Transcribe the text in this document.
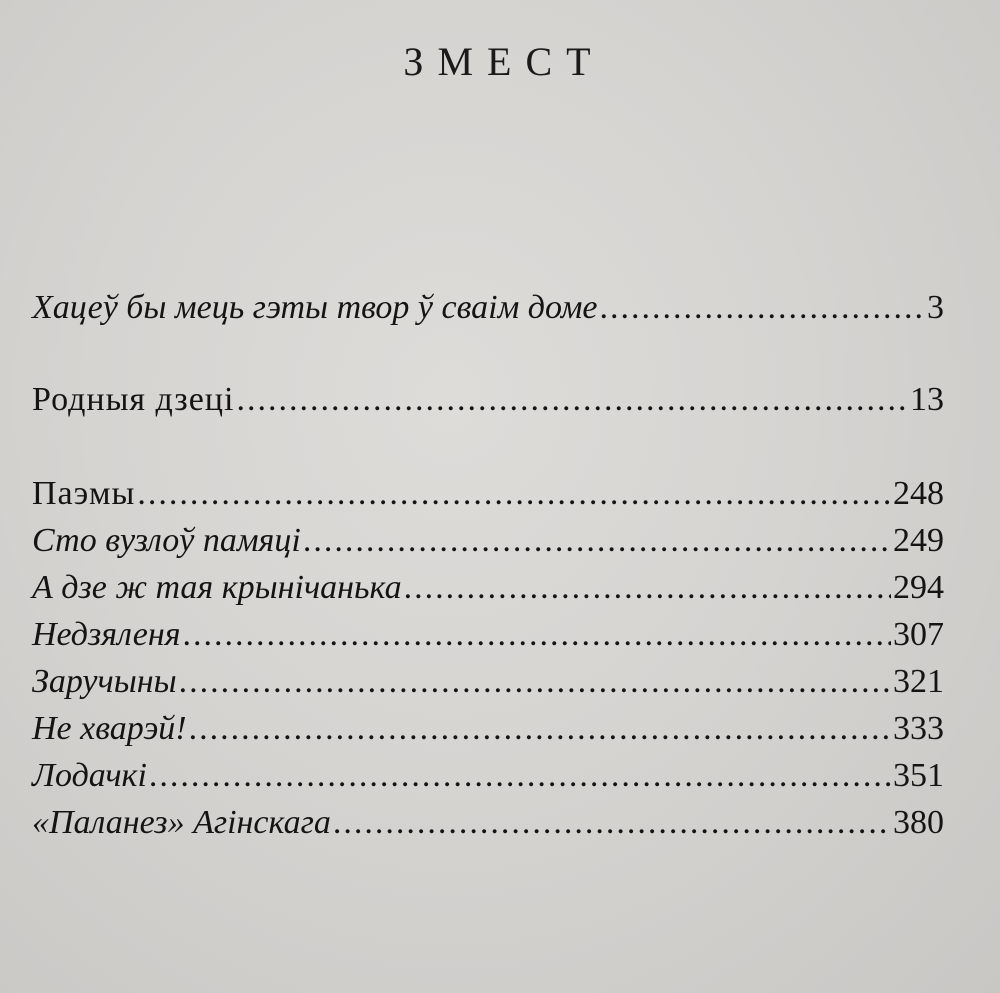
ЗМЕСТ
Хацеў бы мець гэты твор ў сваім доме .....	3
Родныя дзеці .....	13
Паэмы .....	248
Сто вузлоў памяці .....	249
А дзе ж тая крынічанька .....	294
Недзяленя .....	307
Заручыны .....	321
Не хварэй! .....	333
Лодачкі .....	351
«Паланез» Агінскага .....	380
